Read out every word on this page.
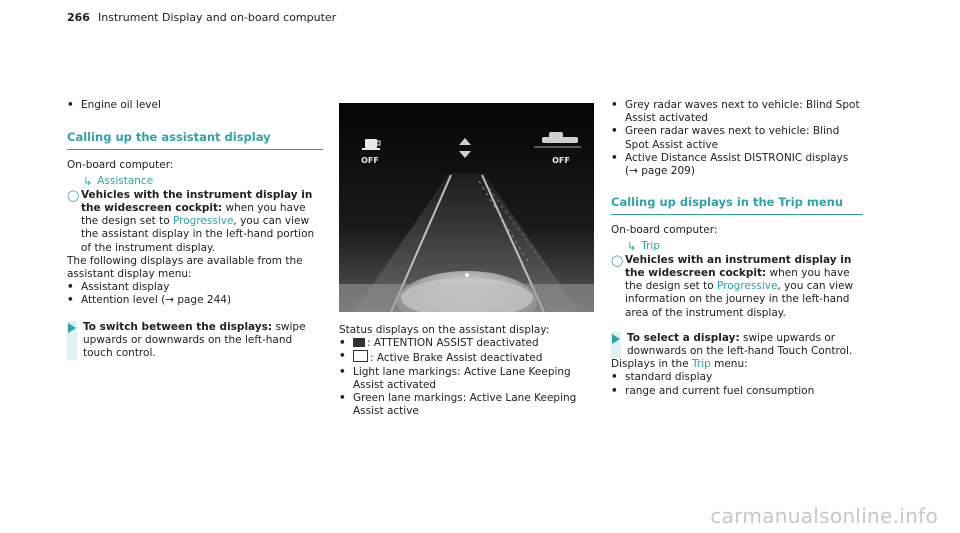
266 Instrument Display and on-board computer
• Engine oil level
Calling up the assistant display
On-board computer:
↳ Assistance
◯ Vehicles with the instrument display in the widescreen cockpit: when you have the design set to Progressive, you can view the assistant display in the left-hand portion of the instrument display.
The following displays are available from the assistant display menu:
• Assistant display
• Attention level (→ page 244)
To switch between the displays: swipe upwards or downwards on the left-hand touch control.
OFF	OFF
Status displays on the assistant display:
• : ATTENTION ASSIST deactivated
• : Active Brake Assist deactivated
• Light lane markings: Active Lane Keeping Assist activated
• Green lane markings: Active Lane Keeping Assist active
• Grey radar waves next to vehicle: Blind Spot Assist activated
• Green radar waves next to vehicle: Blind Spot Assist active
• Active Distance Assist DISTRONIC displays (→ page 209)
Calling up displays in the Trip menu
On-board computer:
↳ Trip
◯ Vehicles with an instrument display in the widescreen cockpit: when you have the design set to Progressive, you can view information on the journey in the left-hand area of the instrument display.
To select a display: swipe upwards or downwards on the left-hand Touch Control.
Displays in the Trip menu:
• standard display
• range and current fuel consumption
carmanualsonline.info
